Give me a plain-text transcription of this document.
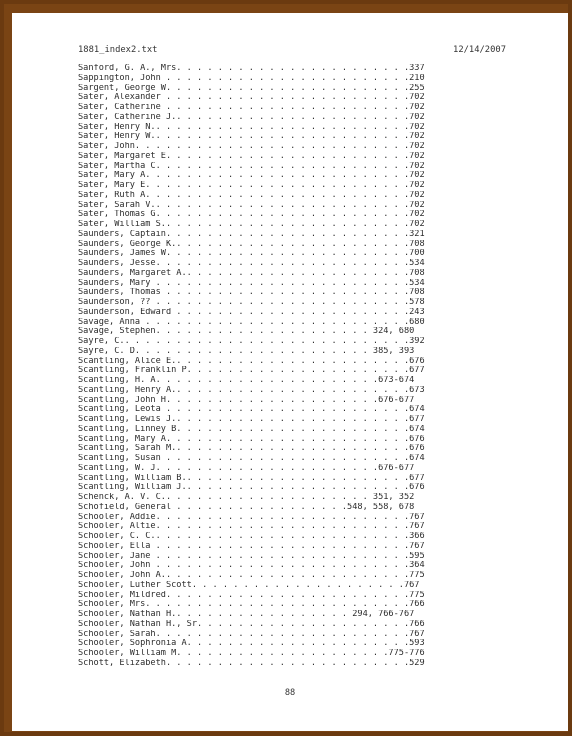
1881_index2.txt	12/14/2007
Sanford, G. A., Mrs. . . . . . . . . . . . . . . . . . . . . . .337
Sappington, John . . . . . . . . . . . . . . . . . . . . . . . .210
Sargent, George W. . . . . . . . . . . . . . . . . . . . . . . .255
Sater, Alexander . . . . . . . . . . . . . . . . . . . . . . . .702
Sater, Catherine . . . . . . . . . . . . . . . . . . . . . . . .702
Sater, Catherine J.. . . . . . . . . . . . . . . . . . . . . . .702
Sater, Henry N.. . . . . . . . . . . . . . . . . . . . . . . . .702
Sater, Henry W.. . . . . . . . . . . . . . . . . . . . . . . . .702
Sater, John. . . . . . . . . . . . . . . . . . . . . . . . . . .702
Sater, Margaret E. . . . . . . . . . . . . . . . . . . . . . . .702
Sater, Martha C. . . . . . . . . . . . . . . . . . . . . . . . .702
Sater, Mary A. . . . . . . . . . . . . . . . . . . . . . . . . .702
Sater, Mary E. . . . . . . . . . . . . . . . . . . . . . . . . .702
Sater, Ruth A. . . . . . . . . . . . . . . . . . . . . . . . . .702
Sater, Sarah V.. . . . . . . . . . . . . . . . . . . . . . . . .702
Sater, Thomas G. . . . . . . . . . . . . . . . . . . . . . . . .702
Sater, William S.. . . . . . . . . . . . . . . . . . . . . . . .702
Saunders, Captain. . . . . . . . . . . . . . . . . . . . . . . .321
Saunders, George K.. . . . . . . . . . . . . . . . . . . . . . .708
Saunders, James W. . . . . . . . . . . . . . . . . . . . . . . .700
Saunders, Jesse. . . . . . . . . . . . . . . . . . . . . . . . .534
Saunders, Margaret A.. . . . . . . . . . . . . . . . . . . . . .708
Saunders, Mary . . . . . . . . . . . . . . . . . . . . . . . . .534
Saunders, Thomas . . . . . . . . . . . . . . . . . . . . . . . .708
Saunderson, ?? . . . . . . . . . . . . . . . . . . . . . . . . .578
Saunderson, Edward . . . . . . . . . . . . . . . . . . . . . . .243
Savage, Anna . . . . . . . . . . . . . . . . . . . . . . . . . .680
Savage, Stephen. . . . . . . . . . . . . . . . . . . . . 324, 680
Sayre, C.. . . . . . . . . . . . . . . . . . . . . . . . . . . .392
Sayre, C. D. . . . . . . . . . . . . . . . . . . . . . . 385, 393
Scantling, Alice E.. . . . . . . . . . . . . . . . . . . . . . .676
Scantling, Franklin P. . . . . . . . . . . . . . . . . . . . . .677
Scantling, H. A. . . . . . . . . . . . . . . . . . . . . .673-674
Scantling, Henry A.. . . . . . . . . . . . . . . . . . . . . . .673
Scantling, John H. . . . . . . . . . . . . . . . . . . . .676-677
Scantling, Leota . . . . . . . . . . . . . . . . . . . . . . . .674
Scantling, Lewis J.. . . . . . . . . . . . . . . . . . . . . . .677
Scantling, Linney B. . . . . . . . . . . . . . . . . . . . . . .674
Scantling, Mary A. . . . . . . . . . . . . . . . . . . . . . . .676
Scantling, Sarah M.. . . . . . . . . . . . . . . . . . . . . . .676
Scantling, Susan . . . . . . . . . . . . . . . . . . . . . . . .674
Scantling, W. J. . . . . . . . . . . . . . . . . . . . . .676-677
Scantling, William B.. . . . . . . . . . . . . . . . . . . . . .677
Scantling, William J.. . . . . . . . . . . . . . . . . . . . . .676
Schenck, A. V. C.. . . . . . . . . . . . . . . . . . . . 351, 352
Schofield, General . . . . . . . . . . . . . . . . .548, 558, 678
Schooler, Addie. . . . . . . . . . . . . . . . . . . . . . . . .767
Schooler, Altie. . . . . . . . . . . . . . . . . . . . . . . . .767
Schooler, C. C.. . . . . . . . . . . . . . . . . . . . . . . . .366
Schooler, Ella . . . . . . . . . . . . . . . . . . . . . . . . .767
Schooler, Jane . . . . . . . . . . . . . . . . . . . . . . . . .595
Schooler, John . . . . . . . . . . . . . . . . . . . . . . . . .364
Schooler, John A.. . . . . . . . . . . . . . . . . . . . . . . .775
Schooler, Luther Scott. . . . . . . . . . . . . . . . . . . . .767
Schooler, Mildred. . . . . . . . . . . . . . . . . . . . . . . .775
Schooler, Mrs. . . . . . . . . . . . . . . . . . . . . . . . . .766
Schooler, Nathan H.. . . . . . . . . . . . . . . . . 294, 766-767
Schooler, Nathan H., Sr. . . . . . . . . . . . . . . . . . . . .766
Schooler, Sarah. . . . . . . . . . . . . . . . . . . . . . . . .767
Schooler, Sophronia A. . . . . . . . . . . . . . . . . . . . . .593
Schooler, William M. . . . . . . . . . . . . . . . . . . . .775-776
Schott, Elizabeth. . . . . . . . . . . . . . . . . . . . . . . .529
88
